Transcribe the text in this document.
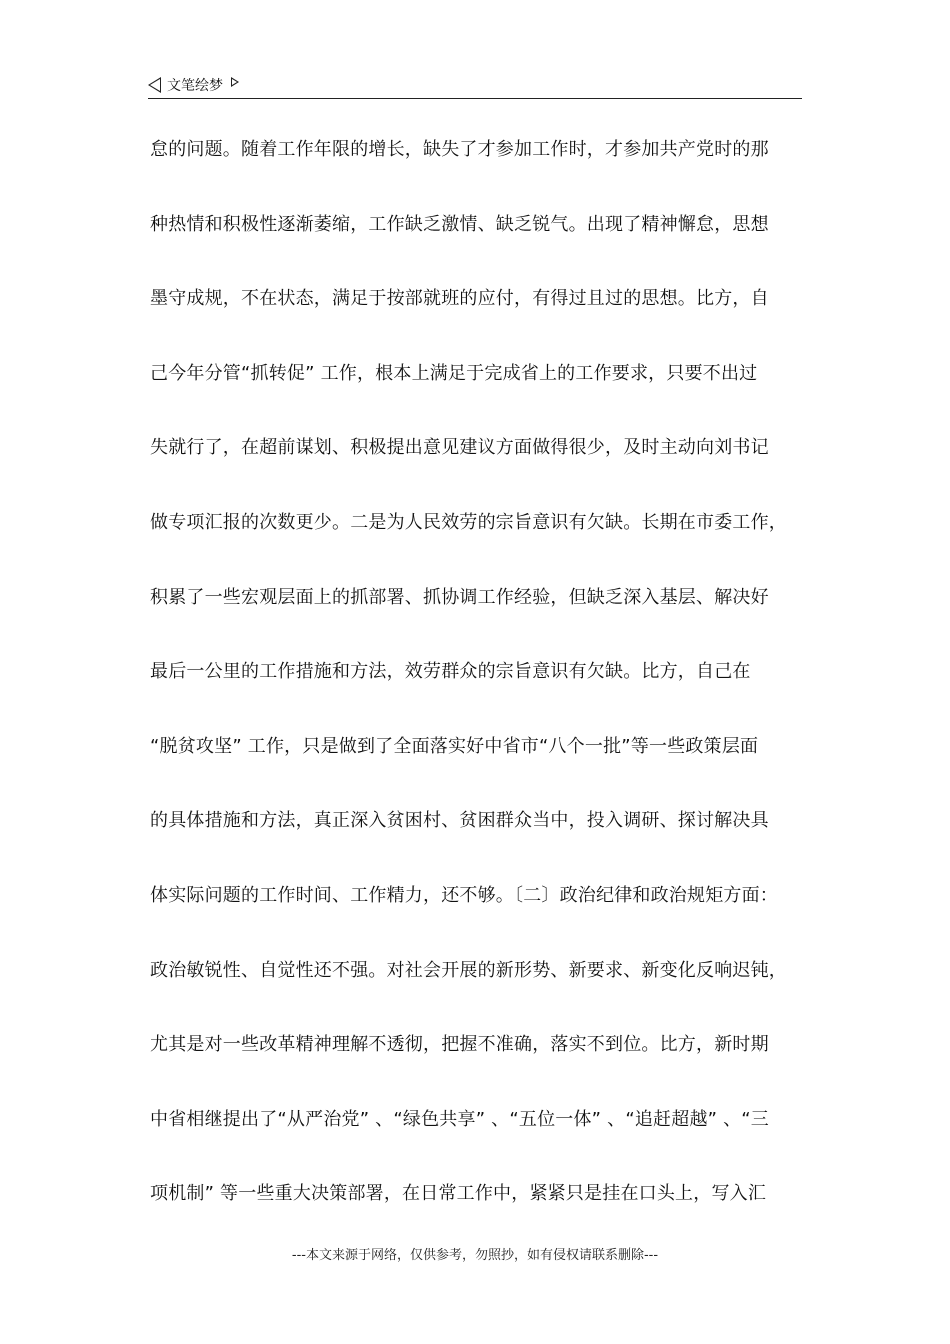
文笔绘梦
怠的问题。随着工作年限的增长，缺失了才参加工作时，才参加共产党时的那
种热情和积极性逐渐萎缩，工作缺乏激情、缺乏锐气。出现了精神懈怠，思想
墨守成规，不在状态，满足于按部就班的应付，有得过且过的思想。比方，自
己今年分管“抓转促” 工作，根本上满足于完成省上的工作要求，只要不出过
失就行了，在超前谋划、积极提出意见建议方面做得很少，及时主动向刘书记
做专项汇报的次数更少。二是为人民效劳的宗旨意识有欠缺。长期在市委工作，
积累了一些宏观层面上的抓部署、抓协调工作经验，但缺乏深入基层、解决好
最后一公里的工作措施和方法，效劳群众的宗旨意识有欠缺。比方，自己在
“脱贫攻坚” 工作，只是做到了全面落实好中省市“八个一批”等一些政策层面
的具体措施和方法，真正深入贫困村、贫困群众当中，投入调研、探讨解决具
体实际问题的工作时间、工作精力，还不够。〔二〕政治纪律和政治规矩方面：
政治敏锐性、自觉性还不强。对社会开展的新形势、新要求、新变化反响迟钝，
尤其是对一些改革精神理解不透彻，把握不准确，落实不到位。比方，新时期
中省相继提出了“从严治党” 、“绿色共享” 、“五位一体” 、“追赶超越” 、“三
项机制” 等一些重大决策部署，在日常工作中，紧紧只是挂在口头上，写入汇
---本文来源于网络，仅供参考，勿照抄，如有侵权请联系删除---
